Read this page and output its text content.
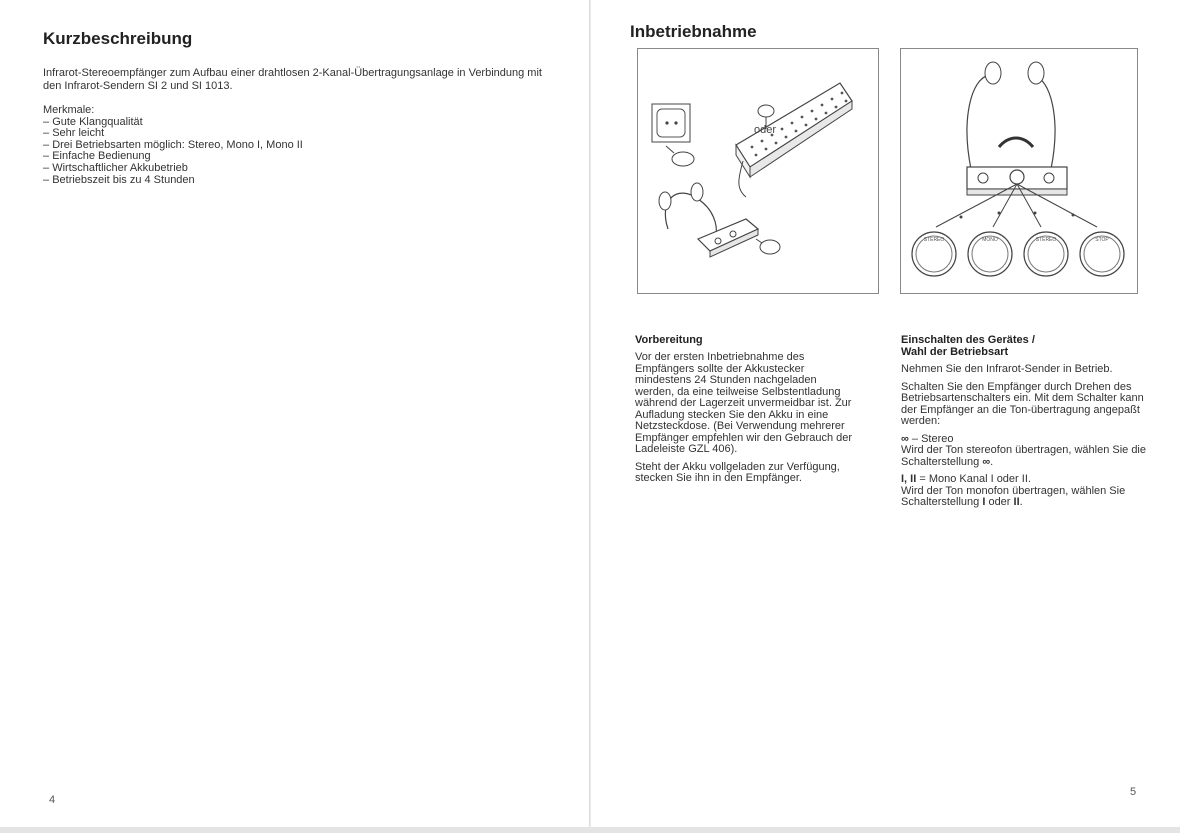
Kurzbeschreibung
Infrarot-Stereoempfänger zum Aufbau einer drahtlosen 2-Kanal-Übertragungsanlage in Verbindung mit den Infrarot-Sendern SI 2 und SI 1013.
Merkmale:
– Gute Klangqualität
– Sehr leicht
– Drei Betriebsarten möglich: Stereo, Mono I, Mono II
– Einfache Bedienung
– Wirtschaftlicher Akkubetrieb
– Betriebszeit bis zu 4 Stunden
4
Inbetriebnahme
oder
STEREO	MONO	STEREO	STOP
Vorbereitung

Vor der ersten Inbetriebnahme des Empfängers sollte der Akkustecker mindestens 24 Stunden nachgeladen werden, da eine teilweise Selbstentladung während der Lagerzeit unvermeidbar ist. Zur Aufladung stecken Sie den Akku in eine Netzsteckdose. (Bei Verwendung mehrerer Empfänger empfehlen wir den Gebrauch der Ladeleiste GZL 406).

Steht der Akku vollgeladen zur Verfügung, stecken Sie ihn in den Empfänger.

Einschalten des Gerätes /
Wahl der Betriebsart

Nehmen Sie den Infrarot-Sender in Betrieb.

Schalten Sie den Empfänger durch Drehen des Betriebsartenschalters ein. Mit dem Schalter kann der Empfänger an die Ton-übertragung angepaßt werden:

∞ – Stereo
Wird der Ton stereofon übertragen, wählen Sie die Schalterstellung ∞.

I, II = Mono Kanal I oder II.
Wird der Ton monofon übertragen, wählen Sie Schalterstellung I oder II.

5
